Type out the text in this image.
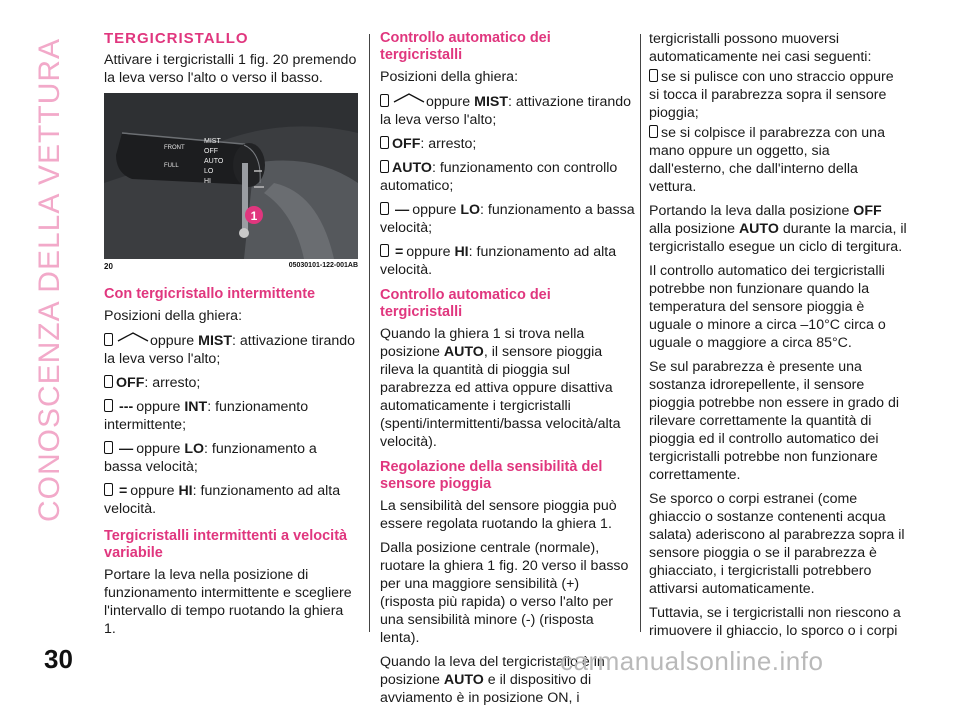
CONOSCENZA DELLA VETTURA	TERGICRISTALLO

Attivare i tergicristalli 1 fig. 20 premendo la leva verso l'alto o verso il basso.

FRONT
FULL
MIST
OFF
AUTO
LO
HI
1
20	05030101-122-001AB
Con tergicristallo intermittente

Posizioni della ghiera:

oppure MIST: attivazione tirando la leva verso l'alto;

OFF: arresto;

--- oppure INT: funzionamento intermittente;

— oppure LO: funzionamento a bassa velocità;

= oppure HI: funzionamento ad alta velocità.

Tergicristalli intermittenti a velocità variabile

Portare la leva nella posizione di funzionamento intermittente e scegliere l'intervallo di tempo ruotando la ghiera 1.

Controllo automatico dei tergicristalli

Posizioni della ghiera:

oppure MIST: attivazione tirando la leva verso l'alto;

OFF: arresto;

AUTO: funzionamento con controllo automatico;

— oppure LO: funzionamento a bassa velocità;

= oppure HI: funzionamento ad alta velocità.

Controllo automatico dei tergicristalli

Quando la ghiera 1 si trova nella posizione AUTO, il sensore pioggia rileva la quantità di pioggia sul parabrezza ed attiva oppure disattiva automaticamente i tergicristalli (spenti/intermittenti/bassa velocità/alta velocità).

Regolazione della sensibilità del sensore pioggia

La sensibilità del sensore pioggia può essere regolata ruotando la ghiera 1.

Dalla posizione centrale (normale), ruotare la ghiera 1 fig. 20 verso il basso per una maggiore sensibilità (+) (risposta più rapida) o verso l'alto per una sensibilità minore (-) (risposta lenta).

Quando la leva del tergicristallo è in posizione AUTO e il dispositivo di avviamento è in posizione ON, i

tergicristalli possono muoversi automaticamente nei casi seguenti:

se si pulisce con uno straccio oppure si tocca il parabrezza sopra il sensore pioggia;

se si colpisce il parabrezza con una mano oppure un oggetto, sia dall'esterno, che dall'interno della vettura.

Portando la leva dalla posizione OFF alla posizione AUTO durante la marcia, il tergicristallo esegue un ciclo di tergitura.

Il controllo automatico dei tergicristalli potrebbe non funzionare quando la temperatura del sensore pioggia è uguale o minore a circa –10°C circa o uguale o maggiore a circa 85°C.

Se sul parabrezza è presente una sostanza idrorepellente, il sensore pioggia potrebbe non essere in grado di rilevare correttamente la quantità di pioggia ed il controllo automatico dei tergicristalli potrebbe non funzionare correttamente.

Se sporco o corpi estranei (come ghiaccio o sostanze contenenti acqua salata) aderiscono al parabrezza sopra il sensore pioggia o se il parabrezza è ghiacciato, i tergicristalli potrebbero attivarsi automaticamente.

Tuttavia, se i tergicristalli non riescono a rimuovere il ghiaccio, lo sporco o i corpi

30	carmanualsonline.info
